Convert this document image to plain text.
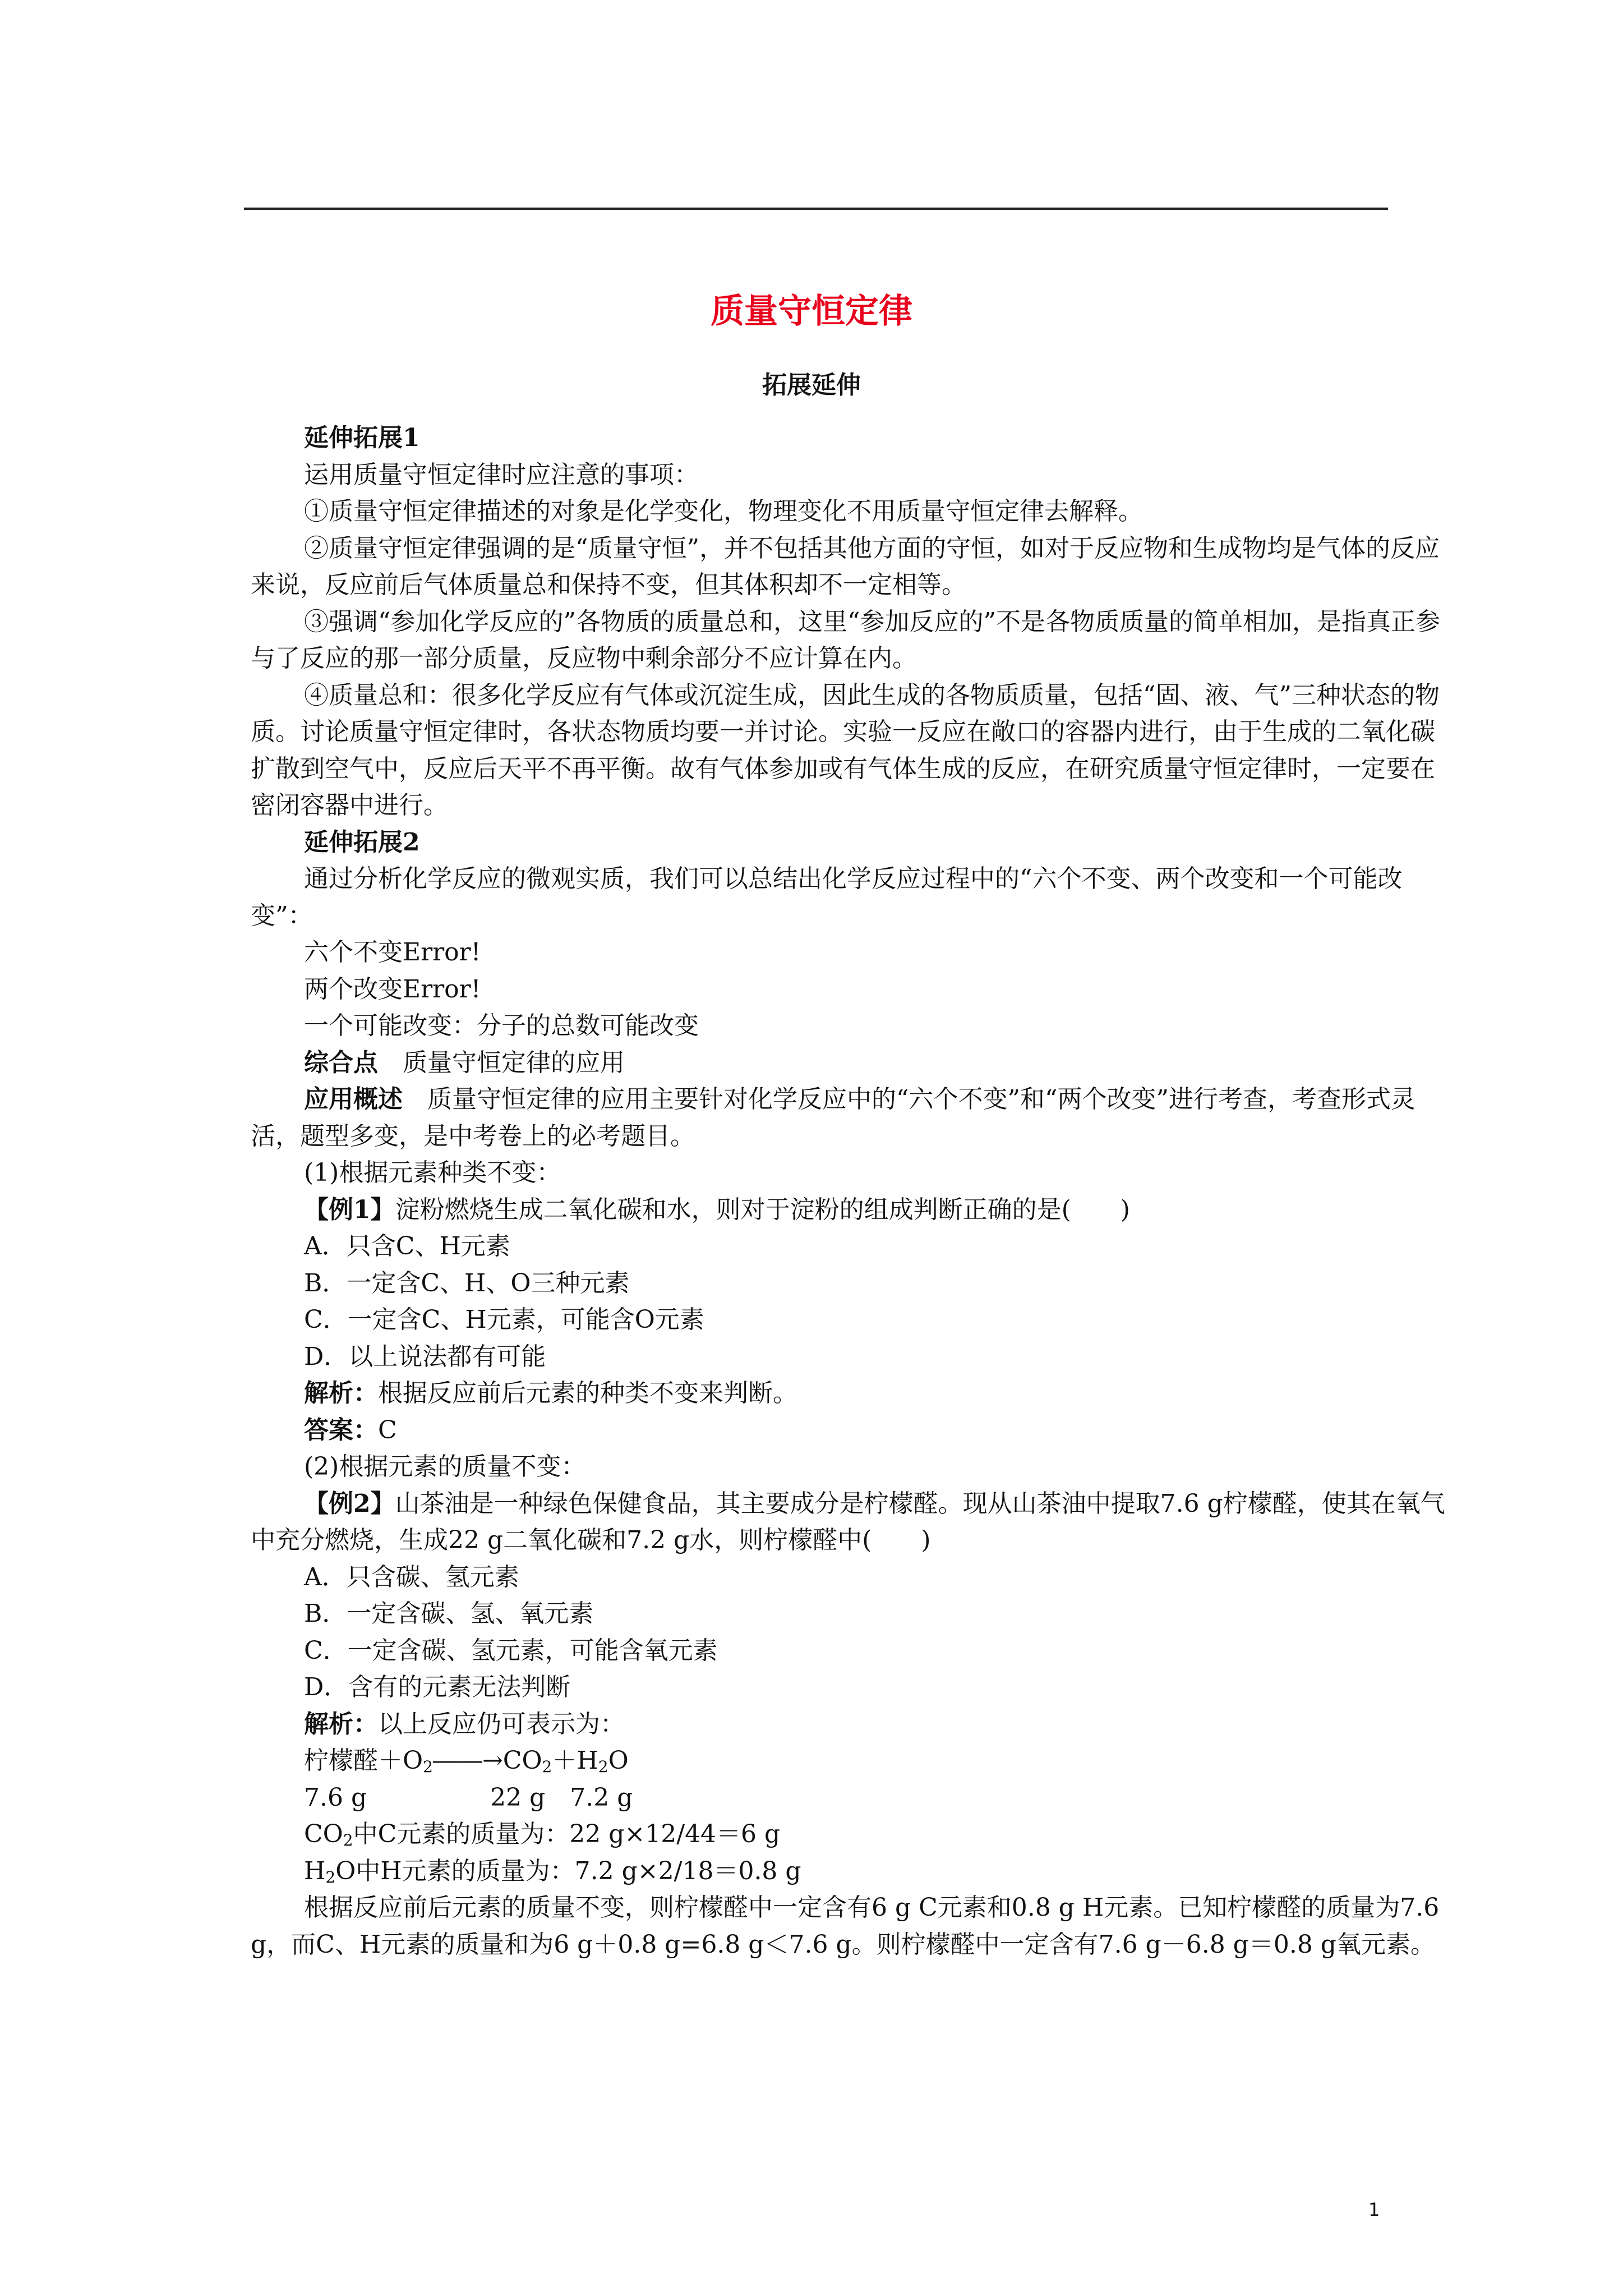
质量守恒定律
拓展延伸

延伸拓展1

运用质量守恒定律时应注意的事项：

①质量守恒定律描述的对象是化学变化，物理变化不用质量守恒定律去解释。

②质量守恒定律强调的是“质量守恒”，并不包括其他方面的守恒，如对于反应物和生成物均是气体的反应来说，反应前后气体质量总和保持不变，但其体积却不一定相等。

③强调“参加化学反应的”各物质的质量总和，这里“参加反应的”不是各物质质量的简单相加，是指真正参与了反应的那一部分质量，反应物中剩余部分不应计算在内。

④质量总和：很多化学反应有气体或沉淀生成，因此生成的各物质质量，包括“固、液、气”三种状态的物质。讨论质量守恒定律时，各状态物质均要一并讨论。实验一反应在敞口的容器内进行，由于生成的二氧化碳扩散到空气中，反应后天平不再平衡。故有气体参加或有气体生成的反应，在研究质量守恒定律时，一定要在密闭容器中进行。

延伸拓展2

通过分析化学反应的微观实质，我们可以总结出化学反应过程中的“六个不变、两个改变和一个可能改变”：

六个不变Error!

两个改变Error!

一个可能改变：分子的总数可能改变

综合点　质量守恒定律的应用

应用概述　质量守恒定律的应用主要针对化学反应中的“六个不变”和“两个改变”进行考查，考查形式灵活，题型多变，是中考卷上的必考题目。

(1)根据元素种类不变：

【例1】淀粉燃烧生成二氧化碳和水，则对于淀粉的组成判断正确的是(　　)

A．只含C、H元素

B．一定含C、H、O三种元素

C．一定含C、H元素，可能含O元素

D．以上说法都有可能

解析：根据反应前后元素的种类不变来判断。

答案：C

(2)根据元素的质量不变：

【例2】山茶油是一种绿色保健食品，其主要成分是柠檬醛。现从山茶油中提取7.6 g柠檬醛，使其在氧气中充分燃烧，生成22 g二氧化碳和7.2 g水，则柠檬醛中(　　)

A．只含碳、氢元素

B．一定含碳、氢、氧元素

C．一定含碳、氢元素，可能含氧元素

D．含有的元素无法判断

解析：以上反应仍可表示为：

柠檬醛$+O_2――\to CO_2+H_2O$

7.6 g　　　　　22 g　7.2 g

$CO_2$中C元素的质量为：22 g×12/44＝6 g

$H_2O$中H元素的质量为：7.2 g×2/18＝0.8 g

根据反应前后元素的质量不变，则柠檬醛中一定含有6 g C元素和0.8 g H元素。已知柠檬醛的质量为7.6 g，而C、H元素的质量和为6 g＋0.8 g=6.8 g＜7.6 g。则柠檬醛中一定含有7.6 g－6.8 g＝0.8 g氧元素。

1
